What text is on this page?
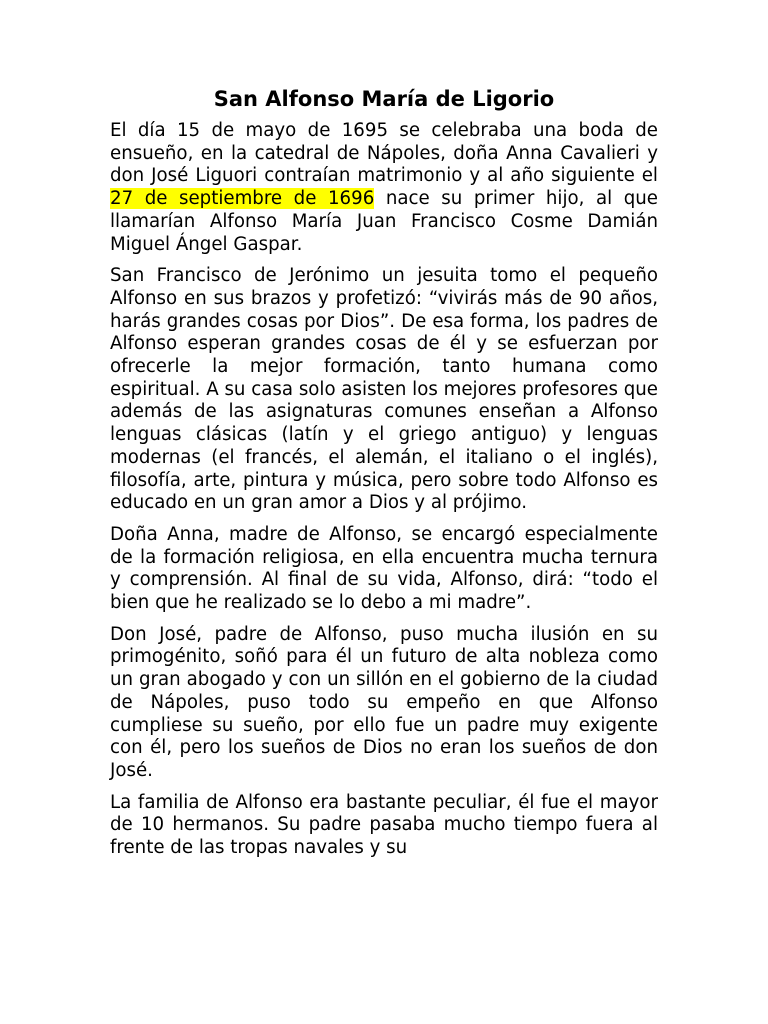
San Alfonso María de Ligorio

El día 15 de mayo de 1695 se celebraba una boda de ensueño, en la catedral de Nápoles, doña Anna Cavalieri y don José Liguori contraían matrimonio y al año siguiente el 27 de septiembre de 1696 nace su primer hijo, al que llamarían Alfonso María Juan Francisco Cosme Damián Miguel Ángel Gaspar.

San Francisco de Jerónimo un jesuita tomo el pequeño Alfonso en sus brazos y profetizó: “vivirás más de 90 años, harás grandes cosas por Dios”. De esa forma, los padres de Alfonso esperan grandes cosas de él y se esfuerzan por ofrecerle la mejor formación, tanto humana como espiritual. A su casa solo asisten los mejores profesores que además de las asignaturas comunes enseñan a Alfonso lenguas clásicas (latín y el griego antiguo) y lenguas modernas (el francés, el alemán, el italiano o el inglés), filosofía, arte, pintura y música, pero sobre todo Alfonso es educado en un gran amor a Dios y al prójimo.

Doña Anna, madre de Alfonso, se encargó especialmente de la formación religiosa, en ella encuentra mucha ternura y comprensión. Al final de su vida, Alfonso, dirá: “todo el bien que he realizado se lo debo a mi madre”.

Don José, padre de Alfonso, puso mucha ilusión en su primogénito, soñó para él un futuro de alta nobleza como un gran abogado y con un sillón en el gobierno de la ciudad de Nápoles, puso todo su empeño en que Alfonso cumpliese su sueño, por ello fue un padre muy exigente con él, pero los sueños de Dios no eran los sueños de don José.

La familia de Alfonso era bastante peculiar, él fue el mayor de 10 hermanos. Su padre pasaba mucho tiempo fuera al frente de las tropas navales y su
